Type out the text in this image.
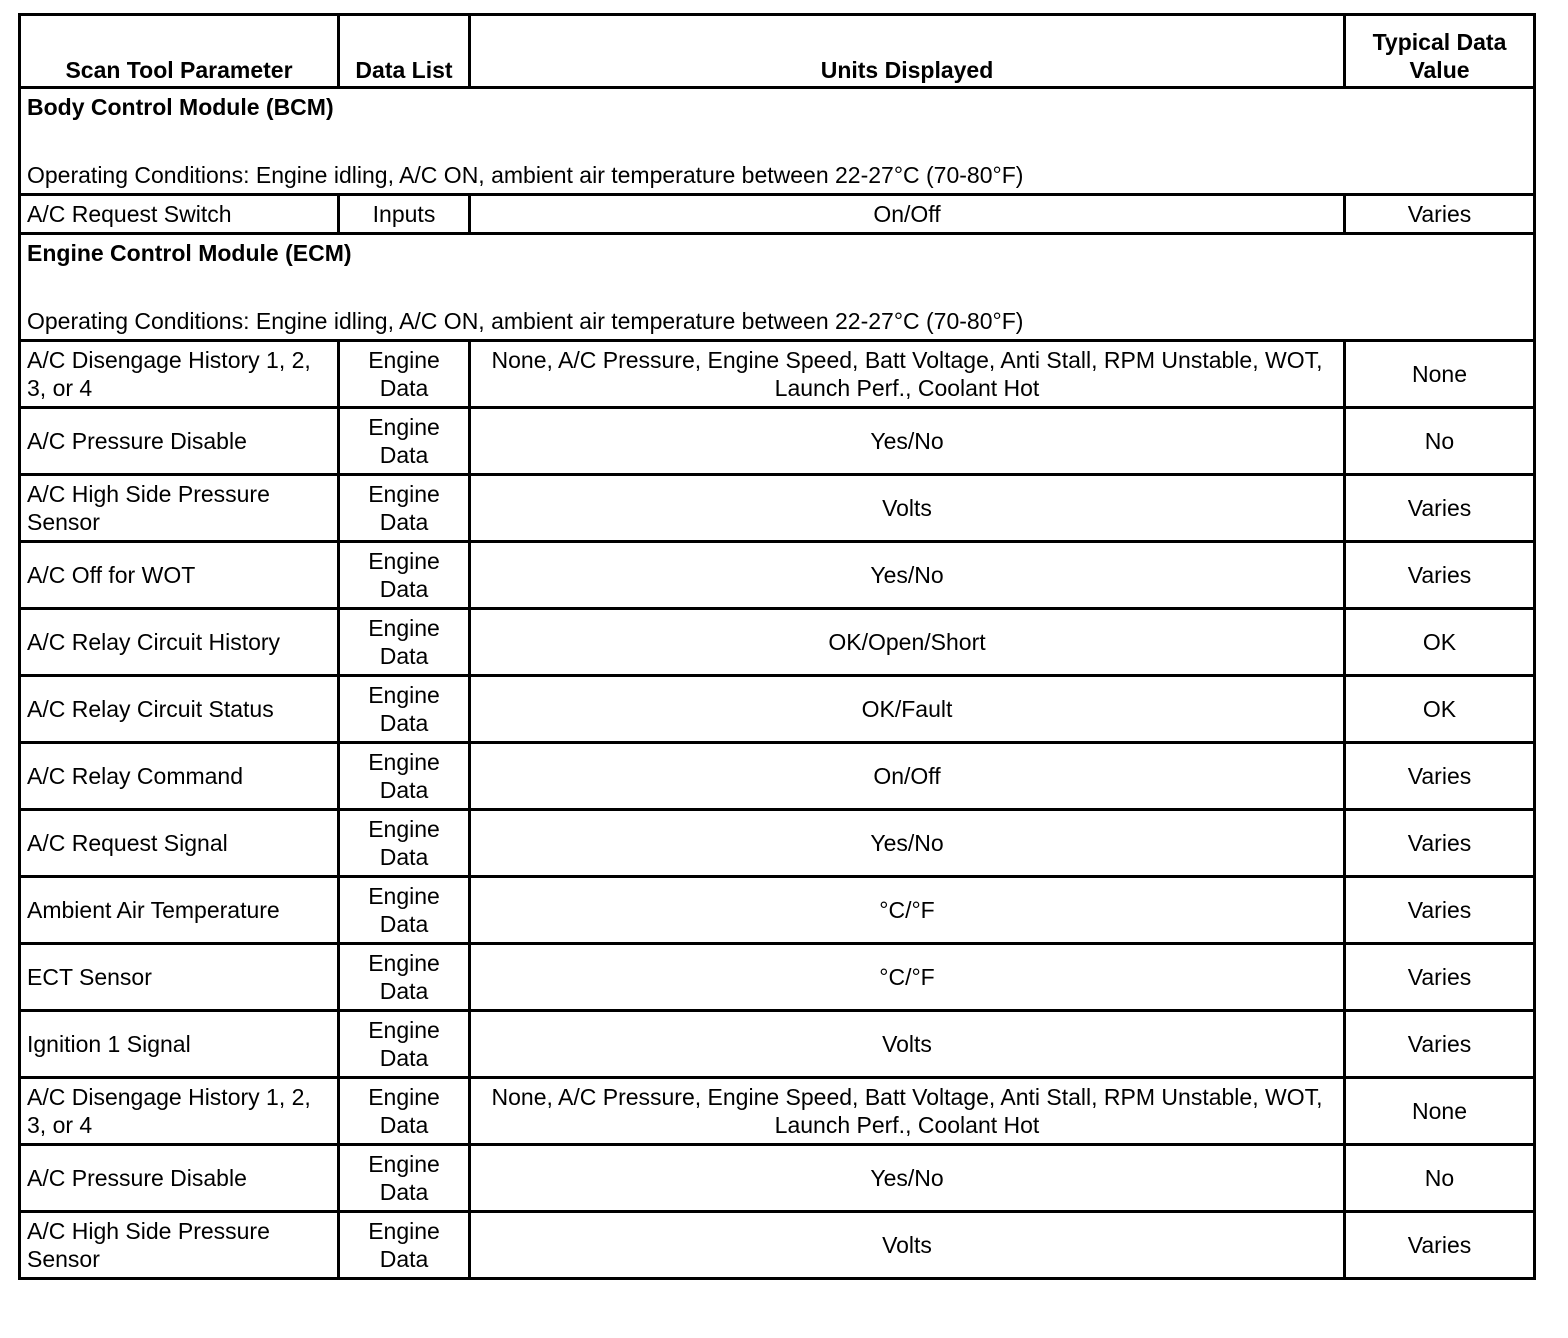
Scan Tool Parameter	Data List	Units Displayed	Typical Data Value

Body Control Module (BCM)
Operating Conditions: Engine idling, A/C ON, ambient air temperature between 22-27°C (70-80°F)			

A/C Request Switch	Inputs	On/Off	Varies

Engine Control Module (ECM)
Operating Conditions: Engine idling, A/C ON, ambient air temperature between 22-27°C (70-80°F)			

A/C Disengage History 1, 2, 3, or 4	Engine Data	None, A/C Pressure, Engine Speed, Batt Voltage, Anti Stall, RPM Unstable, WOT, Launch Perf., Coolant Hot	None
A/C Pressure Disable	Engine Data	Yes/No	No
A/C High Side Pressure Sensor	Engine Data	Volts	Varies
A/C Off for WOT	Engine Data	Yes/No	Varies
A/C Relay Circuit History	Engine Data	OK/Open/Short	OK
A/C Relay Circuit Status	Engine Data	OK/Fault	OK
A/C Relay Command	Engine Data	On/Off	Varies
A/C Request Signal	Engine Data	Yes/No	Varies
Ambient Air Temperature	Engine Data	°C/°F	Varies
ECT Sensor	Engine Data	°C/°F	Varies
Ignition 1 Signal	Engine Data	Volts	Varies
A/C Disengage History 1, 2, 3, or 4	Engine Data	None, A/C Pressure, Engine Speed, Batt Voltage, Anti Stall, RPM Unstable, WOT, Launch Perf., Coolant Hot	None
A/C Pressure Disable	Engine Data	Yes/No	No
A/C High Side Pressure Sensor	Engine Data	Volts	Varies
